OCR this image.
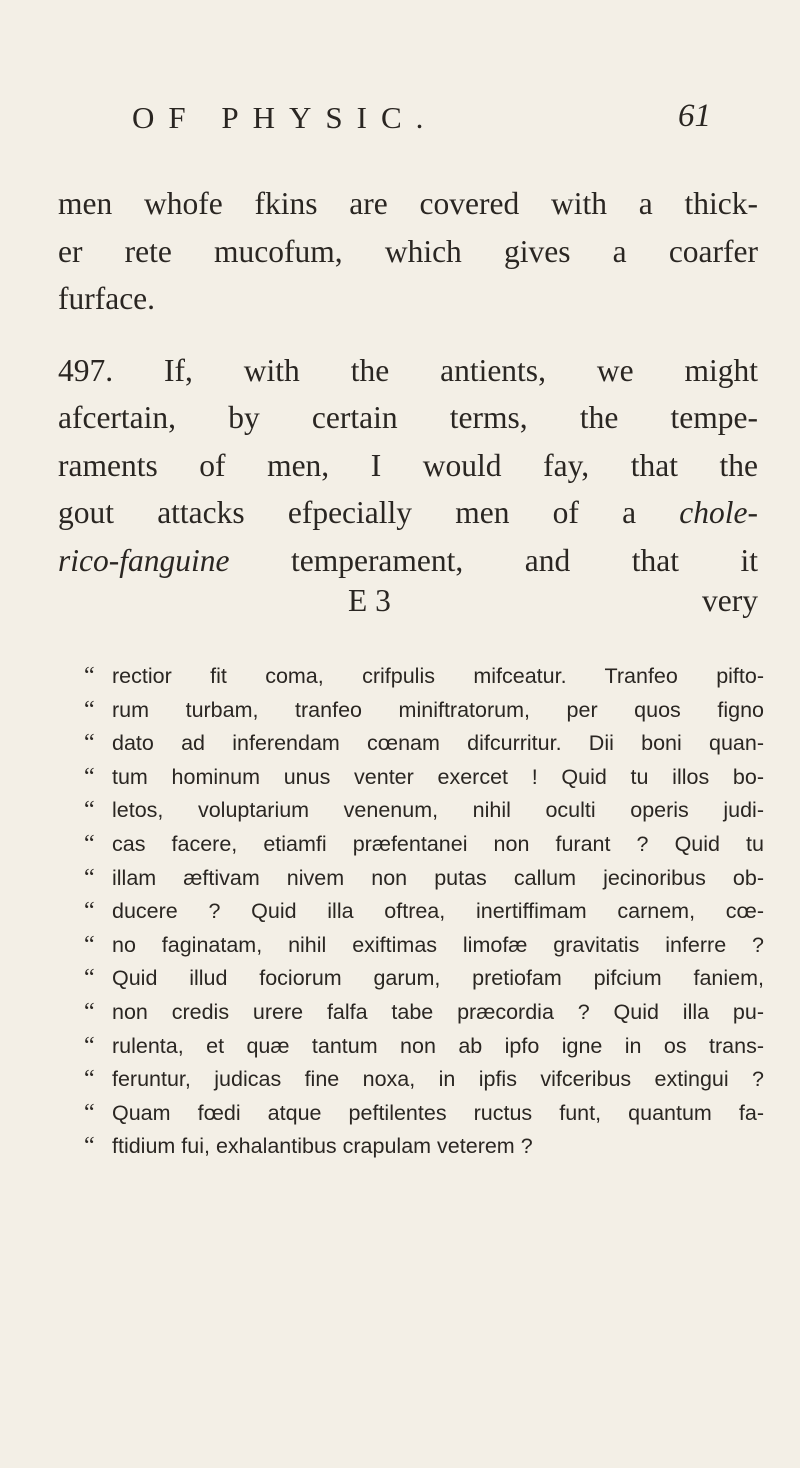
OF PHYSIC.	61

men whofe fkins are covered with a thick-

er rete mucofum, which gives a coarfer

furface.

497. If, with the antients, we might

afcertain, by certain terms, the tempe-

raments of men, I would fay, that the

gout attacks efpecially men of a chole-

rico-fanguine temperament, and that it

E 3	very
“ rectior fit coma, crifpulis mifceatur. Tranfeo pifto-
“ rum turbam, tranfeo miniftratorum, per quos figno
“ dato ad inferendam cœnam difcurritur. Dii boni quan-
“ tum hominum unus venter exercet ! Quid tu illos bo-
“ letos, voluptarium venenum, nihil oculti operis judi-
“ cas facere, etiamfi præfentanei non furant ? Quid tu
“ illam æftivam nivem non putas callum jecinoribus ob-
“ ducere ? Quid illa oftrea, inertiffimam carnem, cœ-
“ no faginatam, nihil exiftimas limofæ gravitatis inferre ?
“ Quid illud fociorum garum, pretiofam pifcium faniem,
“ non credis urere falfa tabe præcordia ? Quid illa pu-
“ rulenta, et quæ tantum non ab ipfo igne in os trans-
“ feruntur, judicas fine noxa, in ipfis vifceribus extingui ?
“ Quam fœdi atque peftilentes ructus funt, quantum fa-
“ ftidium fui, exhalantibus crapulam veterem ?
